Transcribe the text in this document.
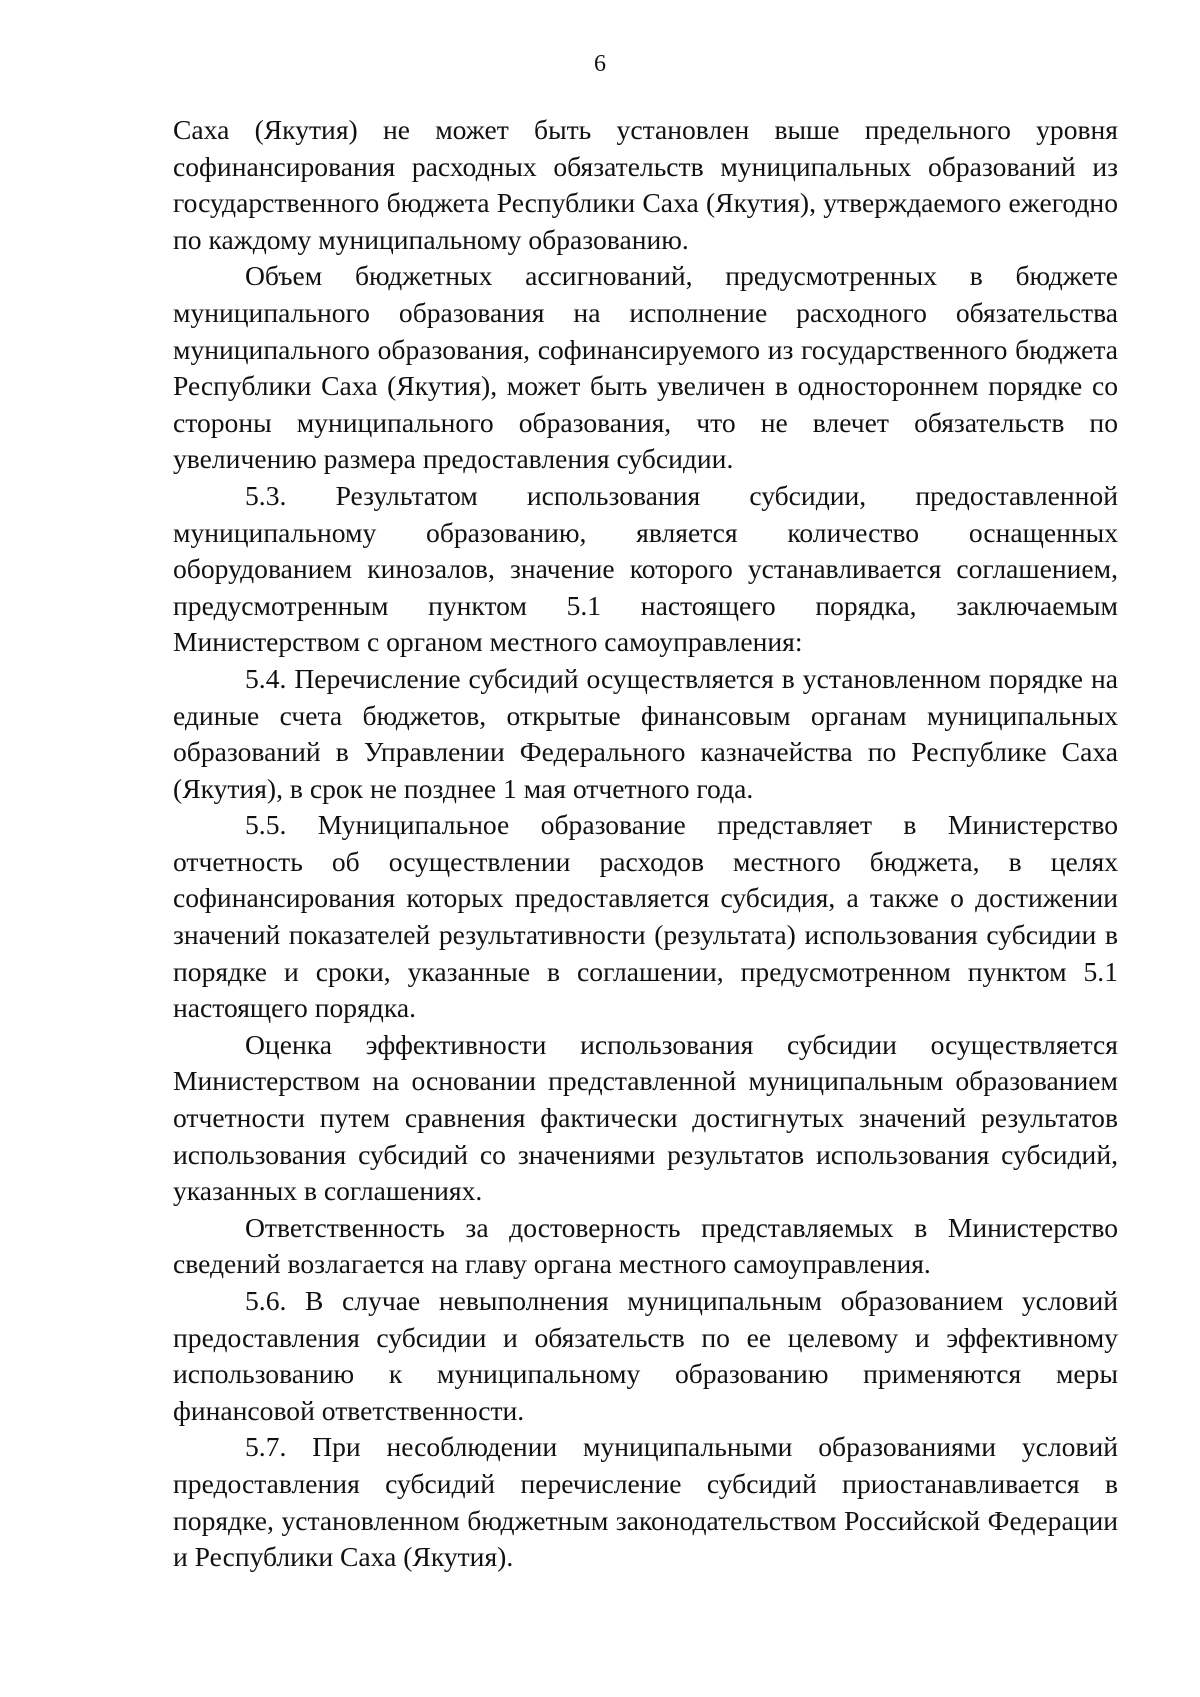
6

Саха (Якутия) не может быть установлен выше предельного уровня софинансирования расходных обязательств муниципальных образований из государственного бюджета Республики Саха (Якутия), утверждаемого ежегодно по каждому муниципальному образованию.

Объем бюджетных ассигнований, предусмотренных в бюджете муниципального образования на исполнение расходного обязательства муниципального образования, софинансируемого из государственного бюджета Республики Саха (Якутия), может быть увеличен в одностороннем порядке со стороны муниципального образования, что не влечет обязательств по увеличению размера предоставления субсидии.

5.3. Результатом использования субсидии, предоставленной муниципальному образованию, является количество оснащенных оборудованием кинозалов, значение которого устанавливается соглашением, предусмотренным пунктом 5.1 настоящего порядка, заключаемым Министерством с органом местного самоуправления:

5.4. Перечисление субсидий осуществляется в установленном порядке на единые счета бюджетов, открытые финансовым органам муниципальных образований в Управлении Федерального казначейства по Республике Саха (Якутия), в срок не позднее 1 мая отчетного года.

5.5. Муниципальное образование представляет в Министерство отчетность об осуществлении расходов местного бюджета, в целях софинансирования которых предоставляется субсидия, а также о достижении значений показателей результативности (результата) использования субсидии в порядке и сроки, указанные в соглашении, предусмотренном пунктом 5.1 настоящего порядка.

Оценка эффективности использования субсидии осуществляется Министерством на основании представленной муниципальным образованием отчетности путем сравнения фактически достигнутых значений результатов использования субсидий со значениями результатов использования субсидий, указанных в соглашениях.

Ответственность за достоверность представляемых в Министерство сведений возлагается на главу органа местного самоуправления.

5.6. В случае невыполнения муниципальным образованием условий предоставления субсидии и обязательств по ее целевому и эффективному использованию к муниципальному образованию применяются меры финансовой ответственности.

5.7. При несоблюдении муниципальными образованиями условий предоставления субсидий перечисление субсидий приостанавливается в порядке, установленном бюджетным законодательством Российской Федерации и Республики Саха (Якутия).
